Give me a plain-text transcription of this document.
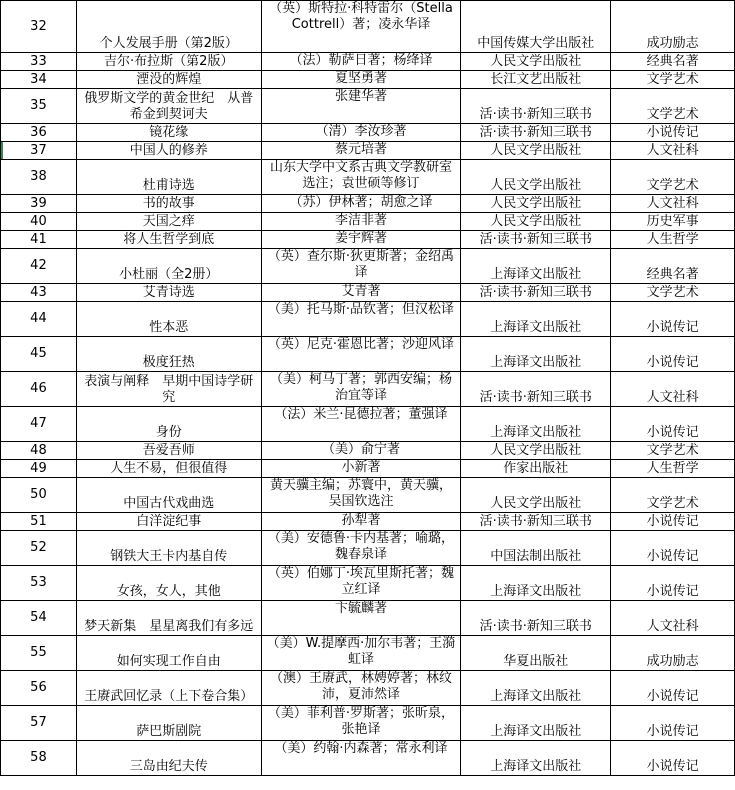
32	个人发展手册（第2版）	（英）斯特拉·科特雷尔（Stella Cottrell）著；凌永华译	中国传媒大学出版社	成功励志
33	吉尔·布拉斯（第2版）	（法）勒萨日著；杨绛译	人民文学出版社	经典名著
34	湮没的辉煌	夏坚勇著	长江文艺出版社	文学艺术
35	俄罗斯文学的黄金世纪　从普希金到契诃夫	张建华著	活·读书·新知三联书	文学艺术
36	镜花缘	（清）李汝珍著	活·读书·新知三联书	小说传记
37	中国人的修养	蔡元培著	人民文学出版社	人文社科
38	杜甫诗选	山东大学中文系古典文学教研室选注；袁世硕等修订	人民文学出版社	文学艺术
39	书的故事	（苏）伊林著；胡愈之译	人民文学出版社	人文社科
40	天国之痒	李洁非著	人民文学出版社	历史军事
41	将人生哲学到底	姜宇辉著	活·读书·新知三联书	人生哲学
42	小杜丽（全2册）	（英）查尔斯·狄更斯著；金绍禹译	上海译文出版社	经典名著
43	艾青诗选	艾青著	活·读书·新知三联书	文学艺术
44	性本恶	（美）托马斯·品钦著；但汉松译	上海译文出版社	小说传记
45	极度狂热	（英）尼克·霍恩比著；沙迎风译	上海译文出版社	小说传记
46	表演与阐释　早期中国诗学研究	（美）柯马丁著；郭西安编；杨治宜等译	活·读书·新知三联书	人文社科
47	身份	（法）米兰·昆德拉著；董强译	上海译文出版社	小说传记
48	吾爱吾师	（美）俞宁著	人民文学出版社	文学艺术
49	人生不易，但很值得	小新著	作家出版社	人生哲学
50	中国古代戏曲选	黄天骥主编；苏寰中，黄天骥，吴国钦选注	人民文学出版社	文学艺术
51	白洋淀纪事	孙犁著	活·读书·新知三联书	小说传记
52	钢铁大王卡内基自传	（美）安德鲁·卡内基著；喻璐，魏春泉译	中国法制出版社	小说传记
53	女孩，女人，其他	（英）伯娜丁·埃瓦里斯托著；魏立红译	上海译文出版社	小说传记
54	梦天新集　星星离我们有多远	卞毓麟著	活·读书·新知三联书	人文社科
55	如何实现工作自由	（美）W.提摩西·加尔韦著；王漪虹译	华夏出版社	成功励志
56	王赓武回忆录（上下卷合集）	（澳）王赓武，林娉婷著；林纹沛，夏沛然译	上海译文出版社	小说传记
57	萨巴斯剧院	（美）菲利普·罗斯著；张昕泉，张艳译	上海译文出版社	小说传记
58	三岛由纪夫传	（美）约翰·内森著；常永利译	上海译文出版社	小说传记
